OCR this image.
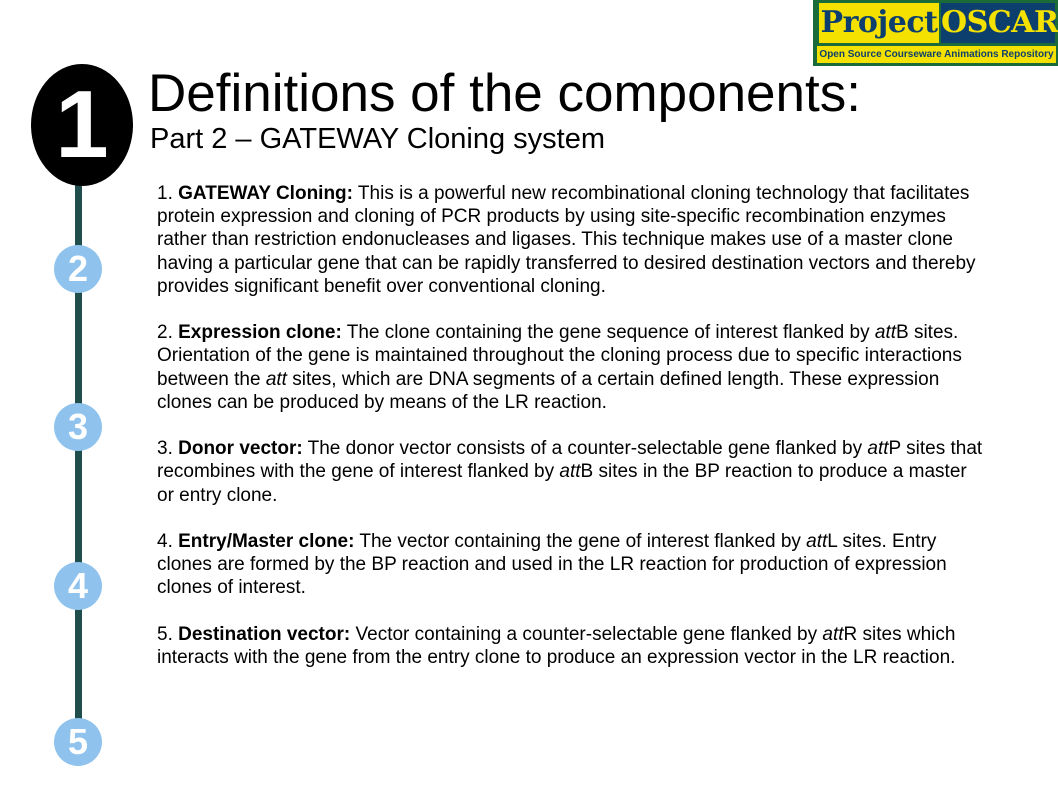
Project OSCAR
Open Source Courseware Animations Repository
1
2
3
4
5
Definitions of the components:
Part 2 – GATEWAY Cloning system

1. GATEWAY Cloning: This is a powerful new recombinational cloning technology that facilitates protein expression and cloning of PCR products by using site-specific recombination enzymes rather than restriction endonucleases and ligases. This technique makes use of a master clone having a particular gene that can be rapidly transferred to desired destination vectors and thereby provides significant benefit over conventional cloning.

2. Expression clone: The clone containing the gene sequence of interest flanked by attB sites. Orientation of the gene is maintained throughout the cloning process due to specific interactions between the att sites, which are DNA segments of a certain defined length. These expression clones can be produced by means of the LR reaction.

3. Donor vector: The donor vector consists of a counter-selectable gene flanked by attP sites that recombines with the gene of interest flanked by attB sites in the BP reaction to produce a master or entry clone.

4. Entry/Master clone: The vector containing the gene of interest flanked by attL sites. Entry clones are formed by the BP reaction and used in the LR reaction for production of expression clones of interest.

5. Destination vector: Vector containing a counter-selectable gene flanked by attR sites which interacts with the gene from the entry clone to produce an expression vector in the LR reaction.
